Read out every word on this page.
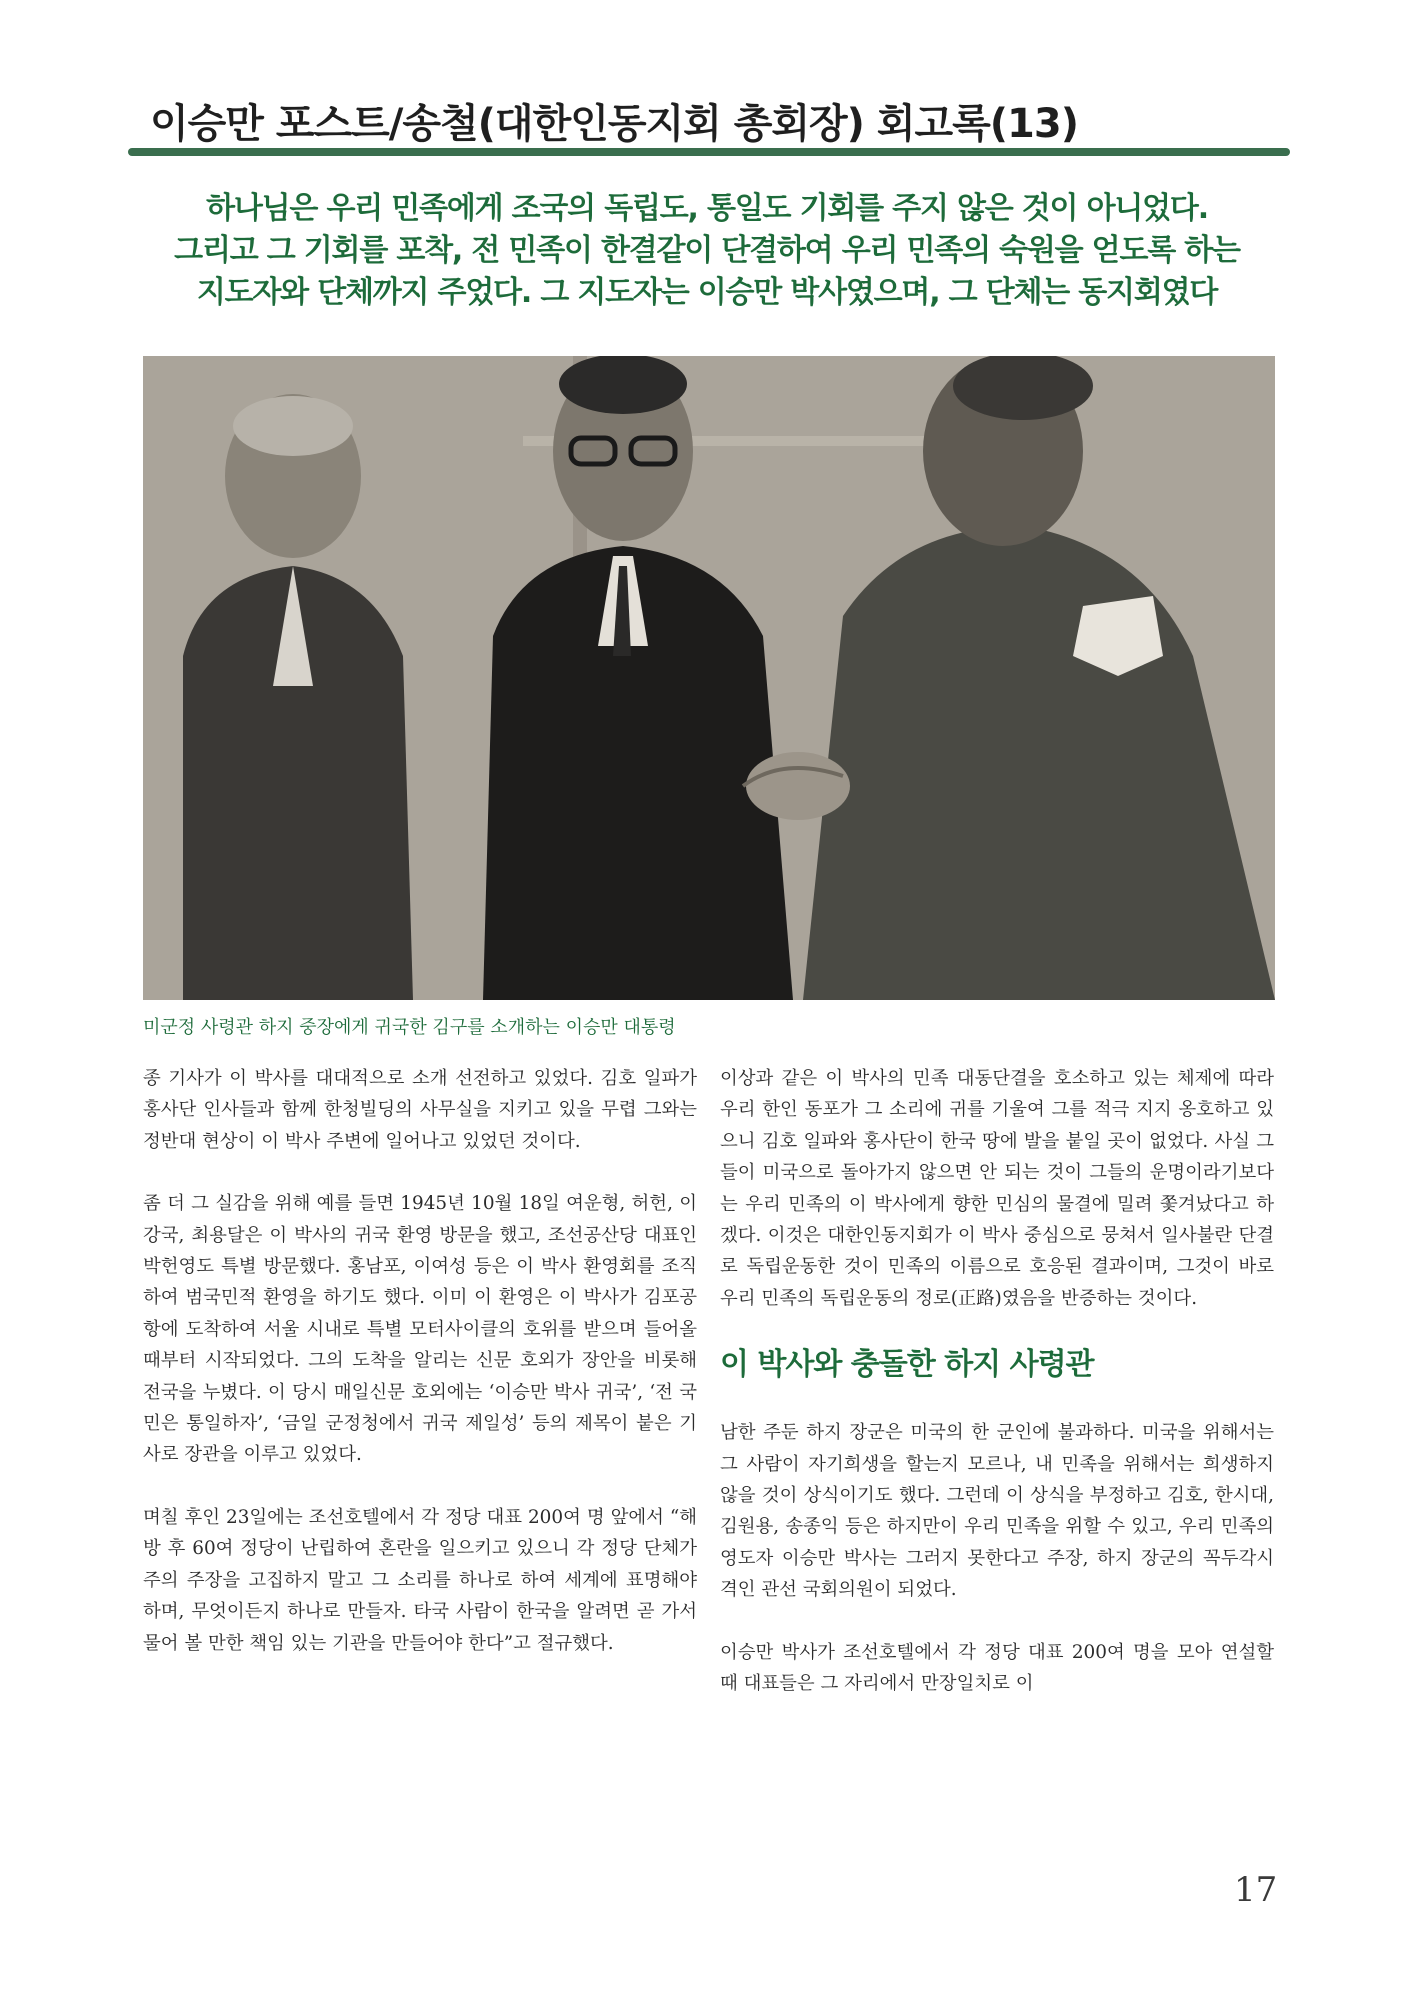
이승만 포스트/송철(대한인동지회 총회장) 회고록(13)
하나님은 우리 민족에게 조국의 독립도, 통일도 기회를 주지 않은 것이 아니었다.
그리고 그 기회를 포착, 전 민족이 한결같이 단결하여 우리 민족의 숙원을 얻도록 하는
지도자와 단체까지 주었다. 그 지도자는 이승만 박사였으며, 그 단체는 동지회였다
미군정 사령관 하지 중장에게 귀국한 김구를 소개하는 이승만 대통령

종 기사가 이 박사를 대대적으로 소개 선전하고 있었다. 김호 일파가 홍사단 인사들과 함께 한청빌딩의 사무실을 지키고 있을 무렵 그와는 정반대 현상이 이 박사 주변에 일어나고 있었던 것이다.

좀 더 그 실감을 위해 예를 들면 1945년 10월 18일 여운형, 허헌, 이강국, 최용달은 이 박사의 귀국 환영 방문을 했고, 조선공산당 대표인 박헌영도 특별 방문했다. 홍남포, 이여성 등은 이 박사 환영회를 조직하여 범국민적 환영을 하기도 했다. 이미 이 환영은 이 박사가 김포공항에 도착하여 서울 시내로 특별 모터사이클의 호위를 받으며 들어올 때부터 시작되었다. 그의 도착을 알리는 신문 호외가 장안을 비롯해 전국을 누볐다. 이 당시 매일신문 호외에는 ‘이승만 박사 귀국’, ‘전 국민은 통일하자’, ‘금일 군정청에서 귀국 제일성’ 등의 제목이 붙은 기사로 장관을 이루고 있었다.

며칠 후인 23일에는 조선호텔에서 각 정당 대표 200여 명 앞에서 “해방 후 60여 정당이 난립하여 혼란을 일으키고 있으니 각 정당 단체가 주의 주장을 고집하지 말고 그 소리를 하나로 하여 세계에 표명해야 하며, 무엇이든지 하나로 만들자. 타국 사람이 한국을 알려면 곧 가서 물어 볼 만한 책임 있는 기관을 만들어야 한다”고 절규했다.

이상과 같은 이 박사의 민족 대동단결을 호소하고 있는 체제에 따라 우리 한인 동포가 그 소리에 귀를 기울여 그를 적극 지지 옹호하고 있으니 김호 일파와 홍사단이 한국 땅에 발을 붙일 곳이 없었다. 사실 그들이 미국으로 돌아가지 않으면 안 되는 것이 그들의 운명이라기보다는 우리 민족의 이 박사에게 향한 민심의 물결에 밀려 쫓겨났다고 하겠다. 이것은 대한인동지회가 이 박사 중심으로 뭉쳐서 일사불란 단결로 독립운동한 것이 민족의 이름으로 호응된 결과이며, 그것이 바로 우리 민족의 독립운동의 정로(正路)였음을 반증하는 것이다.

이 박사와 충돌한 하지 사령관

남한 주둔 하지 장군은 미국의 한 군인에 불과하다. 미국을 위해서는 그 사람이 자기희생을 할는지 모르나, 내 민족을 위해서는 희생하지 않을 것이 상식이기도 했다. 그런데 이 상식을 부정하고 김호, 한시대, 김원용, 송종익 등은 하지만이 우리 민족을 위할 수 있고, 우리 민족의 영도자 이승만 박사는 그러지 못한다고 주장, 하지 장군의 꼭두각시 격인 관선 국회의원이 되었다.

이승만 박사가 조선호텔에서 각 정당 대표 200여 명을 모아 연설할 때 대표들은 그 자리에서 만장일치로 이

17
